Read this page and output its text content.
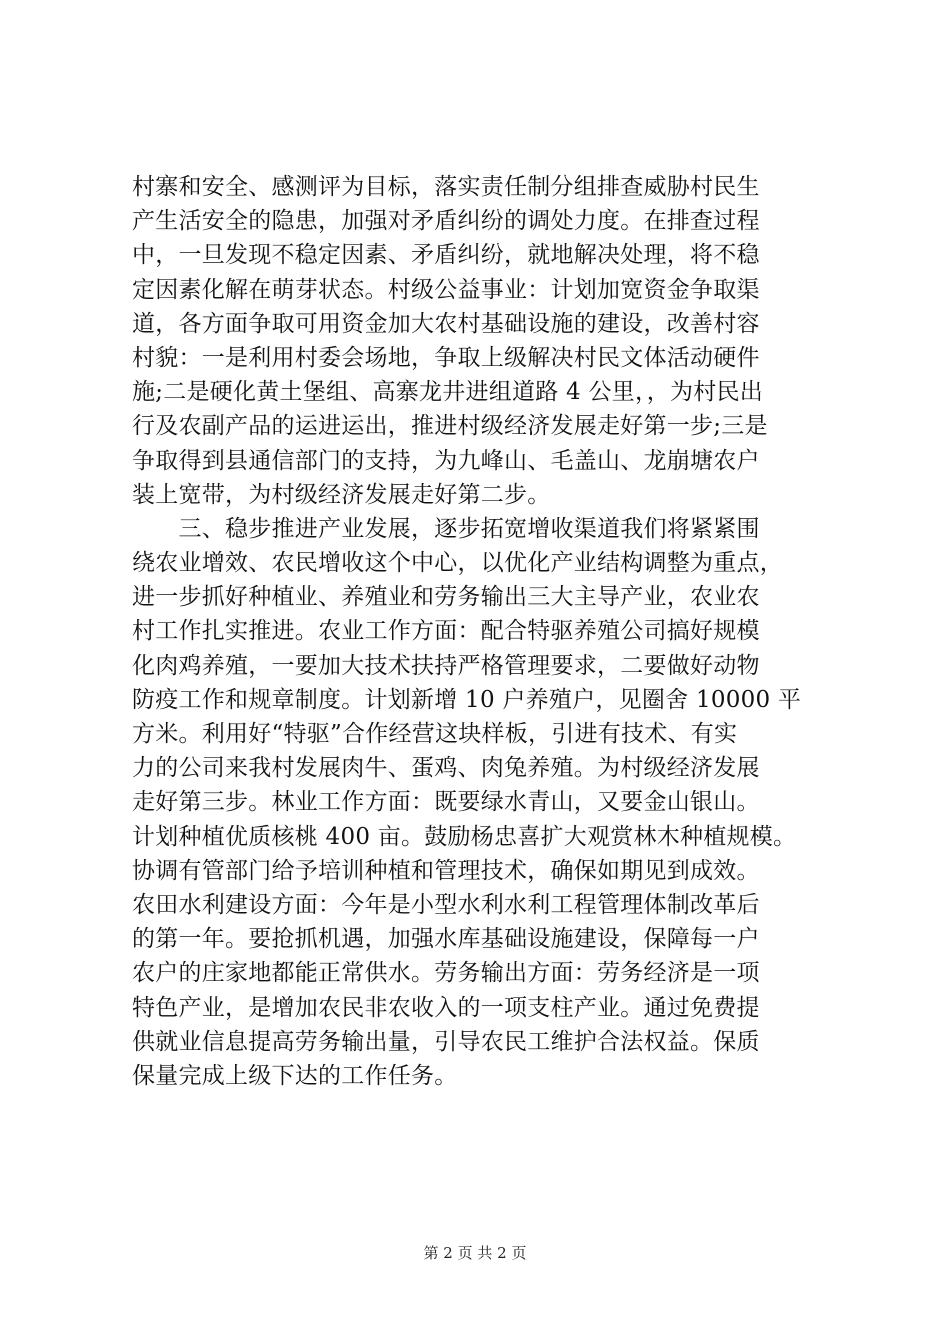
村寨和安全、感测评为目标，落实责任制分组排查威胁村民生
产生活安全的隐患，加强对矛盾纠纷的调处力度。在排查过程
中，一旦发现不稳定因素、矛盾纠纷，就地解决处理，将不稳
定因素化解在萌芽状态。村级公益事业：计划加宽资金争取渠
道，各方面争取可用资金加大农村基础设施的建设，改善村容
村貌：一是利用村委会场地，争取上级解决村民文体活动硬件
施;二是硬化黄土堡组、高寨龙井进组道路 4 公里，，为村民出
行及农副产品的运进运出，推进村级经济发展走好第一步;三是
争取得到县通信部门的支持，为九峰山、毛盖山、龙崩塘农户
装上宽带，为村级经济发展走好第二步。
　　三、稳步推进产业发展，逐步拓宽增收渠道我们将紧紧围
绕农业增效、农民增收这个中心，以优化产业结构调整为重点，
进一步抓好种植业、养殖业和劳务输出三大主导产业，农业农
村工作扎实推进。农业工作方面：配合特驱养殖公司搞好规模
化肉鸡养殖，一要加大技术扶持严格管理要求，二要做好动物
防疫工作和规章制度。计划新增 10 户养殖户，见圈舍 10000 平
方米。利用好“特驱”合作经营这块样板，引进有技术、有实
力的公司来我村发展肉牛、蛋鸡、肉兔养殖。为村级经济发展
走好第三步。林业工作方面：既要绿水青山，又要金山银山。
计划种植优质核桃 400 亩。鼓励杨忠喜扩大观赏林木种植规模。
协调有管部门给予培训种植和管理技术，确保如期见到成效。
农田水利建设方面：今年是小型水利水利工程管理体制改革后
的第一年。要抢抓机遇，加强水库基础设施建设，保障每一户
农户的庄家地都能正常供水。劳务输出方面：劳务经济是一项
特色产业，是增加农民非农收入的一项支柱产业。通过免费提
供就业信息提高劳务输出量，引导农民工维护合法权益。保质
保量完成上级下达的工作任务。
第 2 页 共 2 页
